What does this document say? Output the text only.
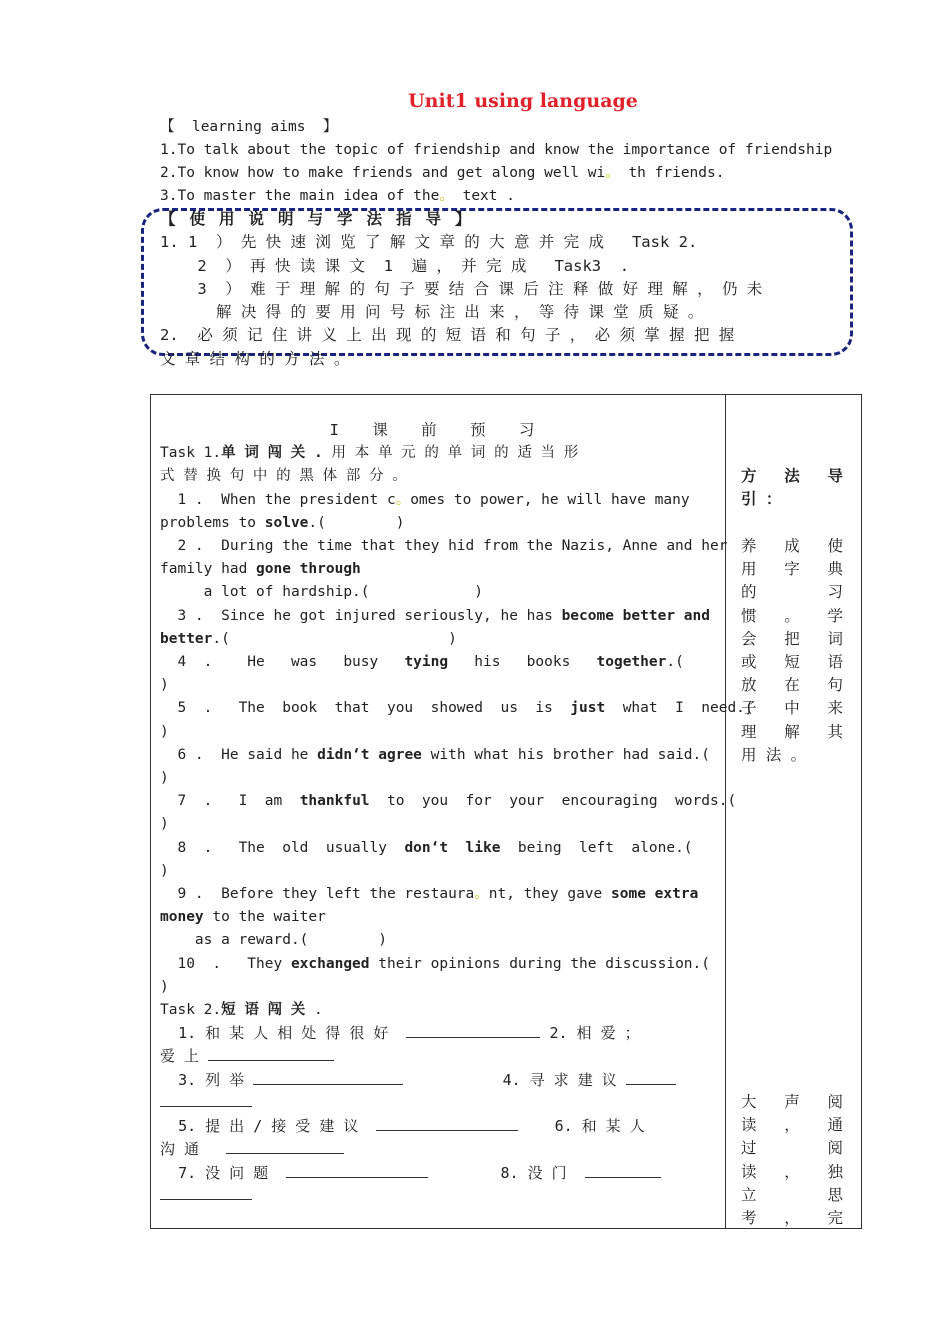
Unit1 using language
【  learning aims  】
1.To talk about the topic of friendship and know the importance of friendship
2.To know how to make friends and get along well wi。 th friends.
3.To master the main idea of the。 text .
【使用说明与学法指导】
1. 1  ） 先 快 速 浏 览 了 解 文 章 的 大 意 并 完 成   Task 2.
2  ） 再 快 读 课 文  1  遍 ， 并 完 成   Task3  .
3  ） 难 于 理 解 的 句 子 要 结 合 课 后 注 释 做 好 理 解 ， 仍 未
解 决 得 的 要 用 问 号 标 注 出 来 ， 等 待 课 堂 质 疑 。
2.  必 须 记 住 讲 义 上 出 现 的 短 语 和 句 子 ， 必 须 掌 握 把 握
文 章 结 构 的 方 法 。
I 课 前 预 习
Task 1.单 词 闯 关 . 用 本 单 元 的 单 词 的 适 当 形
式 替 换 句 中 的 黑 体 部 分 。
1 .  When the president c。omes to power, he will have many
problems to solve.(        )
2 .  During the time that they hid from the Nazis, Anne and her
family had gone through
a lot of hardship.(            )
3 .  Since he got injured seriously, he has become better and
better.(                         )
4  .    He   was   busy   tying   his   books   together.(
)
5  .   The  book  that  you  showed  us  is  just  what  I  need.(
)
6 .  He said he didn‘t agree with what his brother had said.(
)
7  .   I  am  thankful  to  you  for  your  encouraging  words.(
)
8  .   The  old  usually  don‘t  like  being  left  alone.(
)
9 .  Before they left the restaura。nt, they gave some extra
money to the waiter
as a reward.(        )
10  .   They exchanged their opinions during the discussion.(
)
Task 2.短 语 闯 关 .
1. 和 某 人 相 处 得 很 好	2. 相 爱 ；
爱 上
3. 列 举	4. 寻 求 建 议
5. 提 出 / 接 受 建 议	6. 和 某 人
沟 通
7. 没 问 题	8. 没 门
方 法 导
引 ：
养 成 使
用 字 典
的 习
惯 。 学
会 把 词
或 短 语
放 在 句
子 中 来
理 解 其
用 法 。
大 声 阅
读 ， 通
过 阅
读 ， 独
立 思
考 ， 完
